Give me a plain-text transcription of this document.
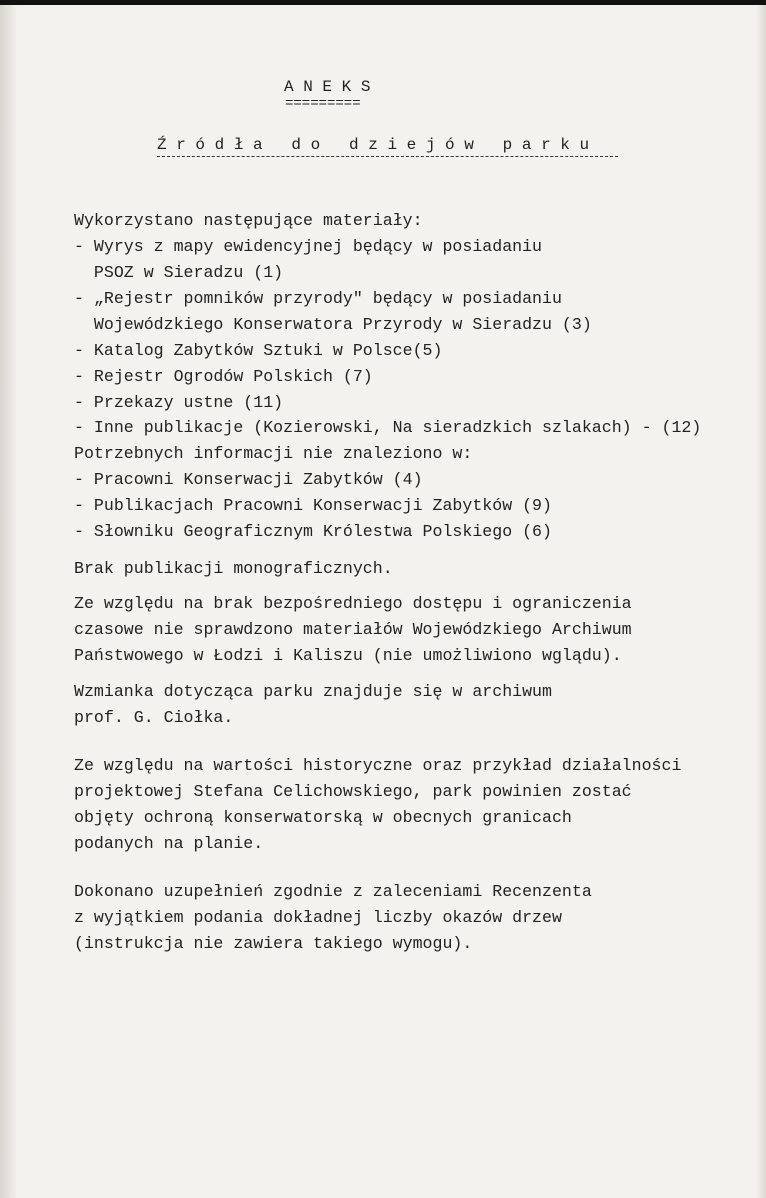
A N E K S
=========
Ź r ó d ł a   d o   d z i e j ó w   p a r k u
Wykorzystano następujące materiały:
- Wyrys z mapy ewidencyjnej będący w posiadaniu
PSOZ w Sieradzu (1)
- „Rejestr pomników przyrody" będący w posiadaniu
Wojewódzkiego Konserwatora Przyrody w Sieradzu (3)
- Katalog Zabytków Sztuki w Polsce(5)
- Rejestr Ogrodów Polskich (7)
- Przekazy ustne (11)
- Inne publikacje (Kozierowski, Na sieradzkich szlakach) - (12)
Potrzebnych informacji nie znaleziono w:
- Pracowni Konserwacji Zabytków (4)
- Publikacjach Pracowni Konserwacji Zabytków (9)
- Słowniku Geograficznym Królestwa Polskiego (6)
Brak publikacji monograficznych.
Ze względu na brak bezpośredniego dostępu i ograniczenia
czasowe nie sprawdzono materiałów Wojewódzkiego Archiwum
Państwowego w Łodzi i Kaliszu (nie umożliwiono wglądu).
Wzmianka dotycząca parku znajduje się w archiwum
prof. G. Ciołka.
Ze względu na wartości historyczne oraz przykład działalności
projektowej Stefana Celichowskiego, park powinien zostać
objęty ochroną konserwatorską w obecnych granicach
podanych na planie.
Dokonano uzupełnień zgodnie z zaleceniami Recenzenta
z wyjątkiem podania dokładnej liczby okazów drzew
(instrukcja nie zawiera takiego wymogu).
